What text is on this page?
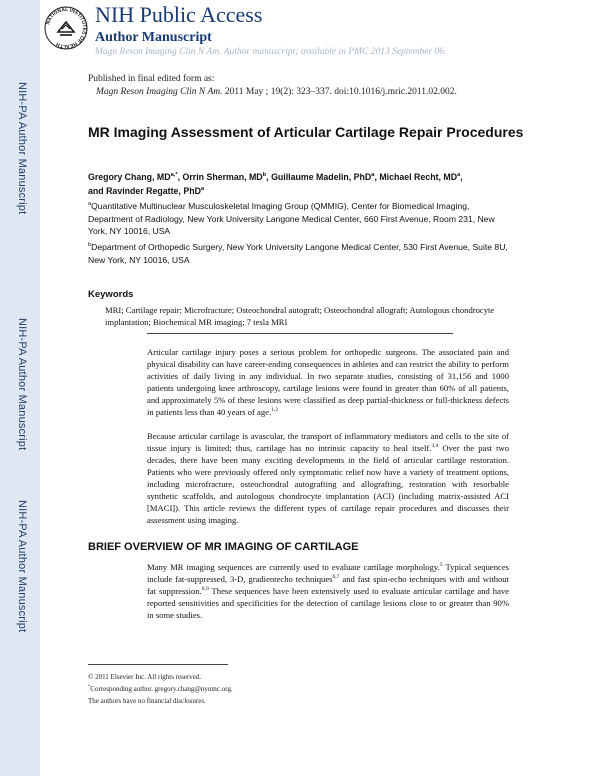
NATIONAL INSTITUTES OF HEALTH
NIH Public Access
Author Manuscript
Magn Reson Imaging Clin N Am. Author manuscript; available in PMC 2013 September 06.
Published in final edited form as:
Magn Reson Imaging Clin N Am. 2011 May ; 19(2): 323–337. doi:10.1016/j.mric.2011.02.002.
MR Imaging Assessment of Articular Cartilage Repair Procedures
Gregory Chang, $MD^{a,*}$, Orrin Sherman, $MD^b$, Guillaume Madelin, PhD$^a$, Michael Recht, $MD^a$,
and Ravinder Regatte, PhD$^a$
$^a$Quantitative Multinuclear Musculoskeletal Imaging Group (QMMIG), Center for Biomedical Imaging, Department of Radiology, New York University Langone Medical Center, 660 First Avenue, Room 231, New York, NY 10016, USA
$^b$Department of Orthopedic Surgery, New York University Langone Medical Center, 530 First Avenue, Suite 8U, New York, NY 10016, USA
Keywords
MRI; Cartilage repair; Microfracture; Osteochondral autograft; Osteochondral allograft; Autologous chondrocyte implantation; Biochemical MR imaging; 7 tesla MRI
Articular cartilage injury poses a serious problem for orthopedic surgeons. The associated pain and physical disability can have career-ending consequences in athletes and can restrict the ability to perform activities of daily living in any individual. In two separate studies, consisting of 31,156 and 1000 patients undergoing knee arthroscopy, cartilage lesions were found in greater than 60% of all patients, and approximately 5% of these lesions were classified as deep partial-thickness or full-thickness defects in patients less than 40 years of age.$^{1,2}$
Because articular cartilage is avascular, the transport of inflammatory mediators and cells to the site of tissue injury is limited; thus, cartilage has no intrinsic capacity to heal itself.$^{3,4}$ Over the past two decades, there have been many exciting developments in the field of articular cartilage restoration. Patients who were previously offered only symptomatic relief now have a variety of treatment options, including microfracture, osteochondral autografting and allografting, restoration with resorbable synthetic scaffolds, and autologous chondrocyte implantation (ACI) (including matrix-assisted ACI [MACI]). This article reviews the different types of cartilage repair procedures and discusses their assessment using imaging.
BRIEF OVERVIEW OF MR IMAGING OF CARTILAGE
Many MR imaging sequences are currently used to evaluate cartilage morphology.$^5$ Typical sequences include fat-suppressed, 3-D, gradientecho techniques$^{6,7}$ and fast spin-echo techniques with and without fat suppression.$^{8,9}$ These sequences have been extensively used to evaluate articular cartilage and have reported sensitivities and specificities for the detection of cartilage lesions close to or greater than 90% in some studies.
© 2011 Elsevier Inc. All rights reserved.
*Corresponding author. gregory.chang@nyumc.org.
The authors have no financial disclosures.
